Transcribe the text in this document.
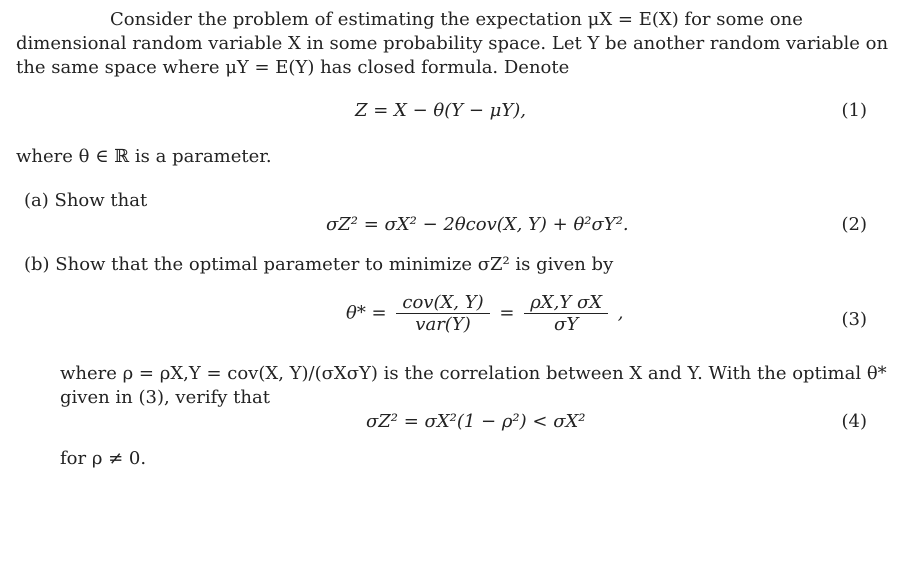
Consider the problem of estimating the expectation μX = E(X) for some one
dimensional random variable X in some probability space. Let Y be another random variable on
the same space where μY = E(Y) has closed formula. Denote
Z = X − θ(Y − μY),	(1)
where θ ∈ ℝ is a parameter.
(a) Show that
σZ² = σX² − 2θcov(X, Y) + θ²σY².	(2)
(b) Show that the optimal parameter to minimize σZ² is given by
$\theta* = \frac{\text{cov(X, Y)}}{\text{var(Y)}} = \frac{\text{ρX,Y σX}}{\sigma Y}$ ,	(3)
where ρ = ρX,Y = cov(X, Y)/(σXσY) is the correlation between X and Y. With the optimal θ*
given in (3), verify that
σZ² = σX²(1 − ρ²) < σX²	(4)
for ρ ≠ 0.
